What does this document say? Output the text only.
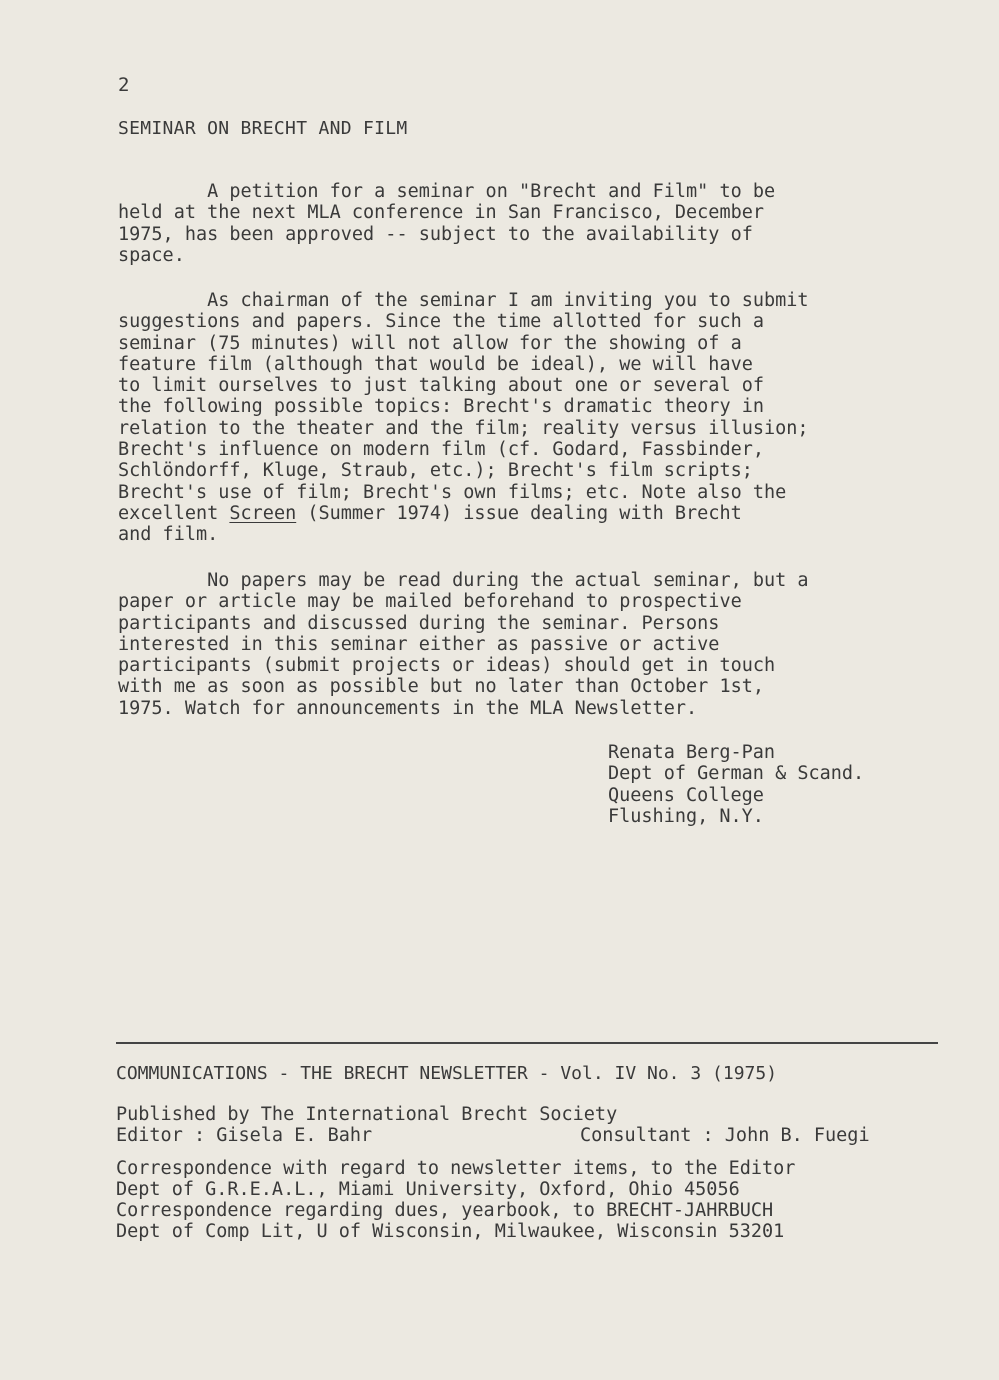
2
SEMINAR ON BRECHT AND FILM
A petition for a seminar on "Brecht and Film" to be
held at the next MLA conference in San Francisco, December
1975, has been approved -- subject to the availability of
space.
As chairman of the seminar I am inviting you to submit
suggestions and papers. Since the time allotted for such a
seminar (75 minutes) will not allow for the showing of a
feature film (although that would be ideal), we will have
to limit ourselves to just talking about one or several of
the following possible topics: Brecht's dramatic theory in
relation to the theater and the film; reality versus illusion;
Brecht's influence on modern film (cf. Godard, Fassbinder,
Schlöndorff, Kluge, Straub, etc.); Brecht's film scripts;
Brecht's use of film; Brecht's own films; etc. Note also the
excellent Screen (Summer 1974) issue dealing with Brecht
and film.
No papers may be read during the actual seminar, but a
paper or article may be mailed beforehand to prospective
participants and discussed during the seminar. Persons
interested in this seminar either as passive or active
participants (submit projects or ideas) should get in touch
with me as soon as possible but no later than October 1st,
1975. Watch for announcements in the MLA Newsletter.
Renata Berg-Pan
Dept of German & Scand.
Queens College
Flushing, N.Y.
COMMUNICATIONS - THE BRECHT NEWSLETTER - Vol. IV No. 3 (1975)
Published by The International Brecht Society
Editor : Gisela E. Bahr	Consultant : John B. Fuegi
Correspondence with regard to newsletter items, to the Editor
Dept of G.R.E.A.L., Miami University, Oxford, Ohio 45056
Correspondence regarding dues, yearbook, to BRECHT-JAHRBUCH
Dept of Comp Lit, U of Wisconsin, Milwaukee, Wisconsin 53201
